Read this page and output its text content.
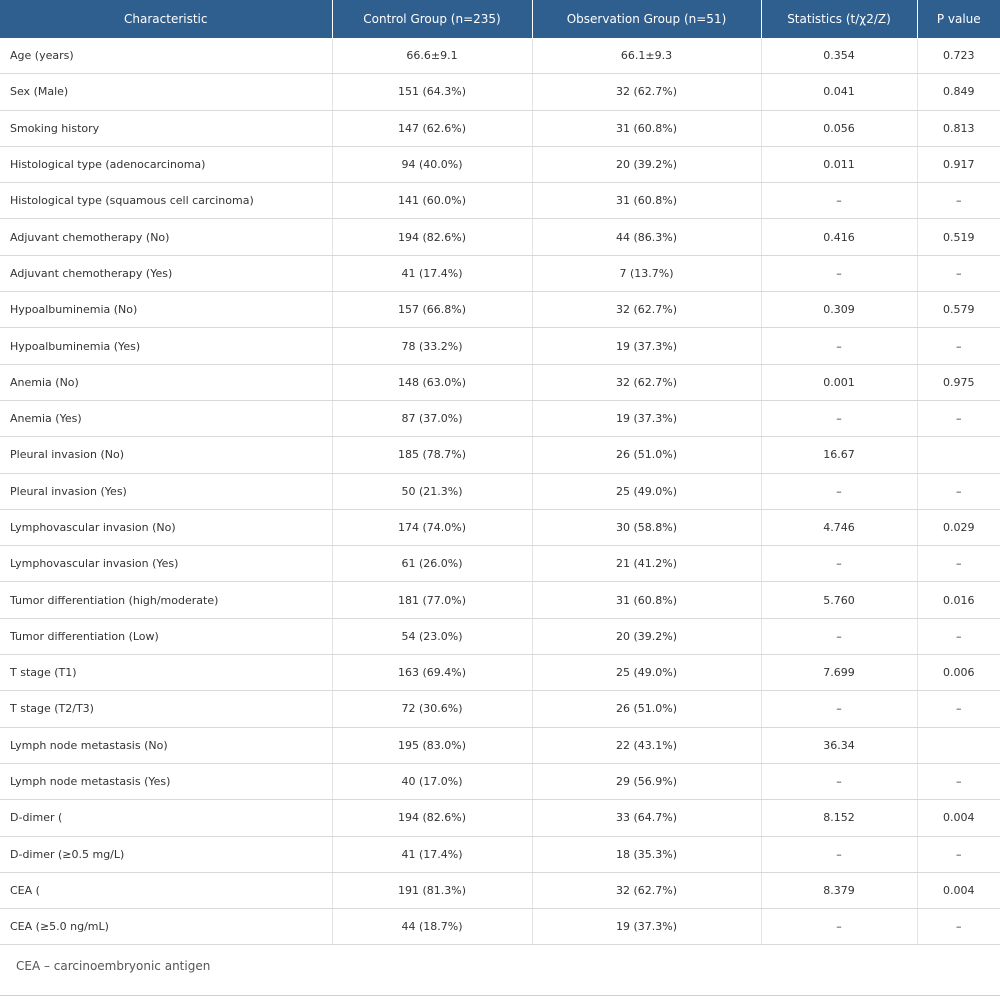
Characteristic	Control Group (n=235)	Observation Group (n=51)	Statistics (t/χ2/Z)	P value
Age (years)	66.6±9.1	66.1±9.3	0.354	0.723
Sex (Male)	151 (64.3%)	32 (62.7%)	0.041	0.849
Smoking history	147 (62.6%)	31 (60.8%)	0.056	0.813
Histological type (adenocarcinoma)	94 (40.0%)	20 (39.2%)	0.011	0.917
Histological type (squamous cell carcinoma)	141 (60.0%)	31 (60.8%)	–	–
Adjuvant chemotherapy (No)	194 (82.6%)	44 (86.3%)	0.416	0.519
Adjuvant chemotherapy (Yes)	41 (17.4%)	7 (13.7%)	–	–
Hypoalbuminemia (No)	157 (66.8%)	32 (62.7%)	0.309	0.579
Hypoalbuminemia (Yes)	78 (33.2%)	19 (37.3%)	–	–
Anemia (No)	148 (63.0%)	32 (62.7%)	0.001	0.975
Anemia (Yes)	87 (37.0%)	19 (37.3%)	–	–
Pleural invasion (No)	185 (78.7%)	26 (51.0%)	16.67	
Pleural invasion (Yes)	50 (21.3%)	25 (49.0%)	–	–
Lymphovascular invasion (No)	174 (74.0%)	30 (58.8%)	4.746	0.029
Lymphovascular invasion (Yes)	61 (26.0%)	21 (41.2%)	–	–
Tumor differentiation (high/moderate)	181 (77.0%)	31 (60.8%)	5.760	0.016
Tumor differentiation (Low)	54 (23.0%)	20 (39.2%)	–	–
T stage (T1)	163 (69.4%)	25 (49.0%)	7.699	0.006
T stage (T2/T3)	72 (30.6%)	26 (51.0%)	–	–
Lymph node metastasis (No)	195 (83.0%)	22 (43.1%)	36.34	
Lymph node metastasis (Yes)	40 (17.0%)	29 (56.9%)	–	–
D-dimer (	194 (82.6%)	33 (64.7%)	8.152	0.004
D-dimer (≥0.5 mg/L)	41 (17.4%)	18 (35.3%)	–	–
CEA (	191 (81.3%)	32 (62.7%)	8.379	0.004
CEA (≥5.0 ng/mL)	44 (18.7%)	19 (37.3%)	–	–
CEA – carcinoembryonic antigen
